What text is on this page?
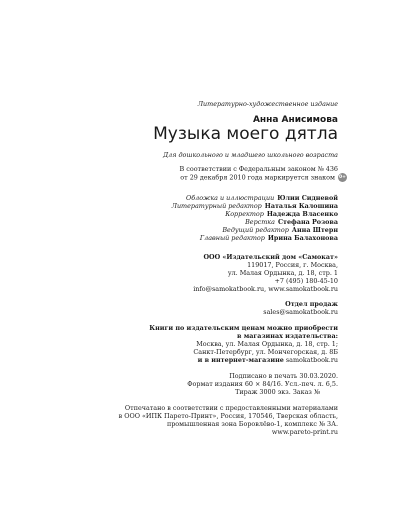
Литературно-художественное издание
Анна Анисимова
Музыка моего дятла
Для дошкольного и младшего школьного возраста
В соответствии с Федеральным законом № 436
от 29 декабря 2010 года маркируется знаком 0+
Обложка и иллюстрации Юлии Сидневой
Литературный редактор Наталья Калошина
Корректор Надежда Власенко
Верстка Стефана Розова
Ведущий редактор Анна Штерн
Главный редактор Ирина Балахонова
ООО «Издательский дом «Самокат»
119017, Россия, г. Москва,
ул. Малая Ордынка, д. 18, стр. 1
+7 (495) 180-45-10
info@samokatbook.ru, www.samokatbook.ru
Отдел продаж
sales@samokatbook.ru
Книги по издательским ценам можно приобрести
в магазинах издательства:
Москва, ул. Малая Ордынка, д. 18, стр. 1;
Санкт-Петербург, ул. Мончегорская, д. 8Б
и в интернет-магазине samokatbook.ru
Подписано в печать 30.03.2020.
Формат издания 60 × 84/16. Усл.-печ. л. 6,5.
Тираж 3000 экз. Заказ №
Отпечатано в соответствии с предоставленными материалами
в ООО «ИПК Парето-Принт», Россия, 170546, Тверская область,
промышленная зона Боровлёво-1, комплекс № 3А.
www.pareto-print.ru
